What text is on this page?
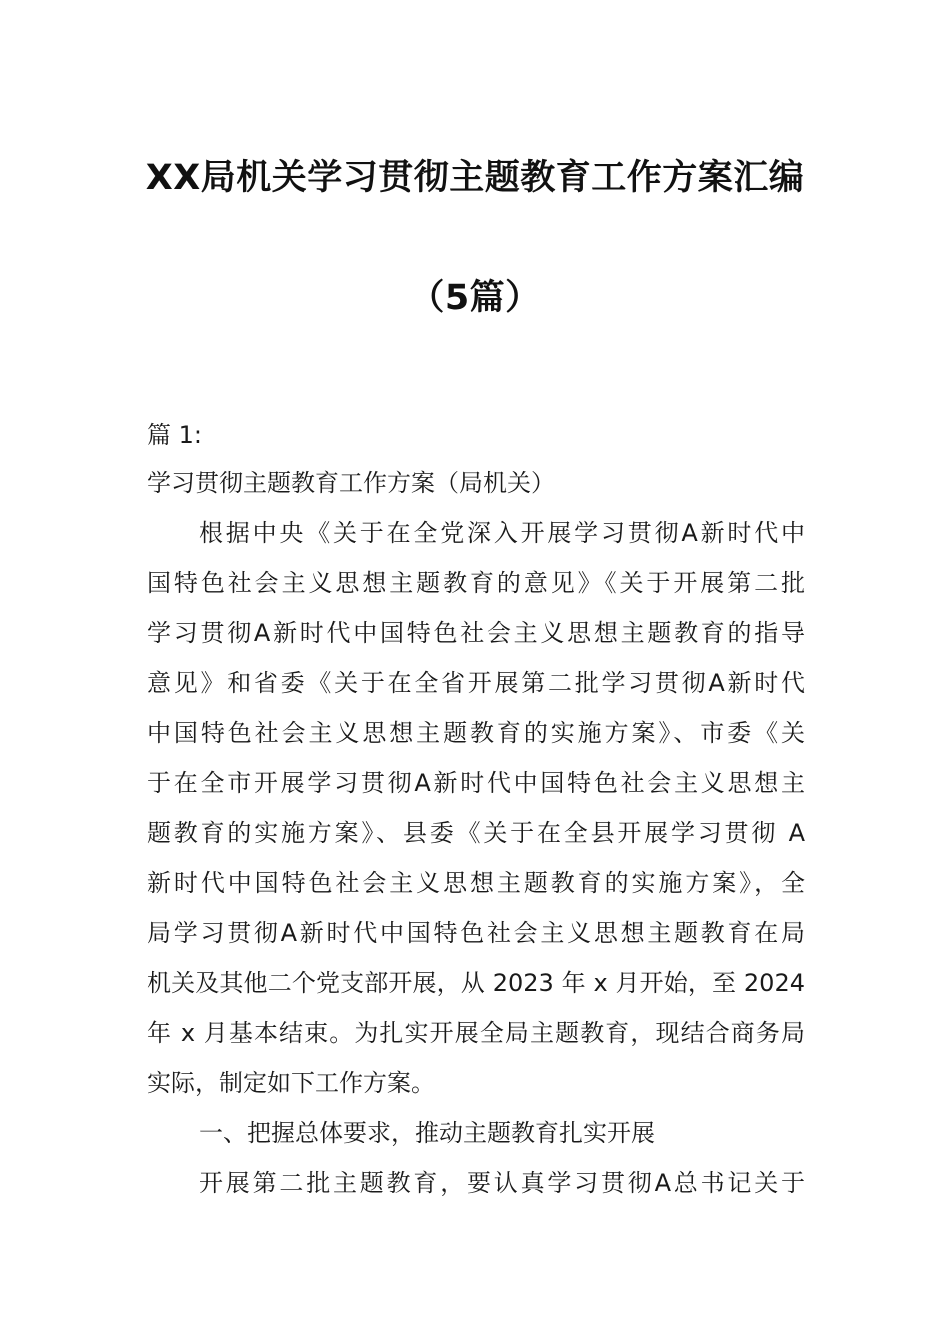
XX局机关学习贯彻主题教育工作方案汇编
（5篇）
篇 1:
学习贯彻主题教育工作方案（局机关）
根据中央《关于在全党深入开展学习贯彻A新时代中
国特色社会主义思想主题教育的意见》《关于开展第二批
学习贯彻A新时代中国特色社会主义思想主题教育的指导
意见》和省委《关于在全省开展第二批学习贯彻A新时代
中国特色社会主义思想主题教育的实施方案》、市委《关
于在全市开展学习贯彻A新时代中国特色社会主义思想主
题教育的实施方案》、县委《关于在全县开展学习贯彻 A
新时代中国特色社会主义思想主题教育的实施方案》，全
局学习贯彻A新时代中国特色社会主义思想主题教育在局
机关及其他二个党支部开展，从 2023 年 x 月开始，至 2024
年 x 月基本结束。为扎实开展全局主题教育，现结合商务局
实际，制定如下工作方案。
一、把握总体要求，推动主题教育扎实开展
开展第二批主题教育，要认真学习贯彻A总书记关于
